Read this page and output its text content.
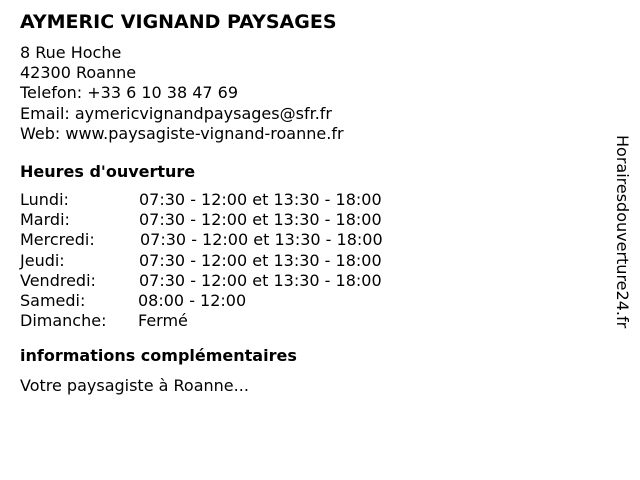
AYMERIC VIGNAND PAYSAGES
8 Rue Hoche
42300 Roanne
Telefon: +33 6 10 38 47 69
Email: aymericvignandpaysages@sfr.fr
Web: www.paysagiste-vignand-roanne.fr
Heures d'ouverture
Lundi:	07:30 - 12:00 et 13:30 - 18:00
Mardi:	07:30 - 12:00 et 13:30 - 18:00
Mercredi:	07:30 - 12:00 et 13:30 - 18:00
Jeudi:	07:30 - 12:00 et 13:30 - 18:00
Vendredi:	07:30 - 12:00 et 13:30 - 18:00
Samedi:	08:00 - 12:00
Dimanche: Fermé
informations complémentaires
Votre paysagiste à Roanne...
Horairesdouverture24.fr
